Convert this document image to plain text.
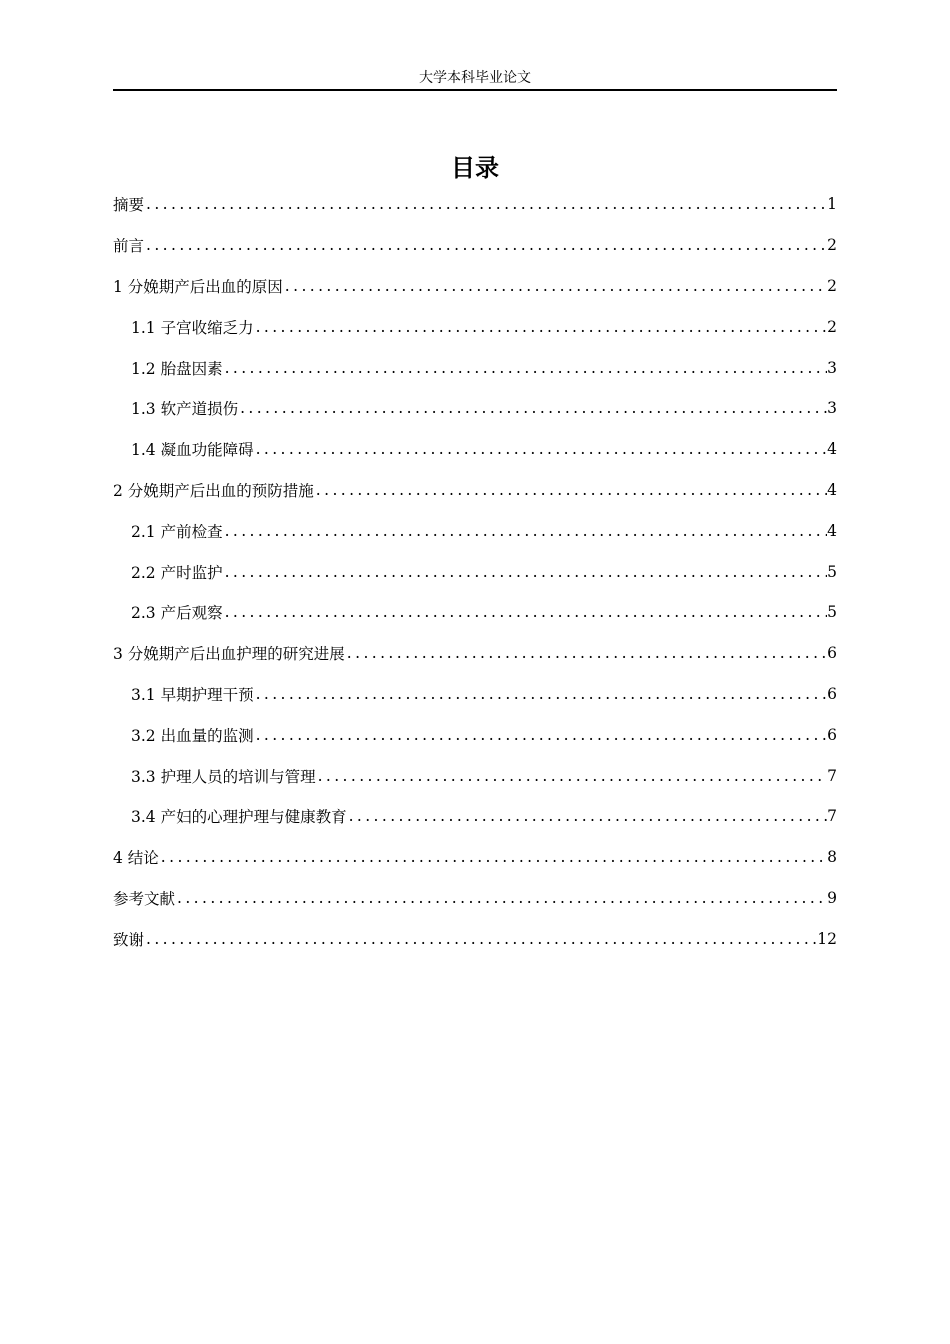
大学本科毕业论文
目录
摘要 .....	1
前言 .....	2
1 分娩期产后出血的原因 .....	2
1.1 子宫收缩乏力 .....	2
1.2 胎盘因素 .....	3
1.3 软产道损伤 .....	3
1.4 凝血功能障碍 .....	4
2 分娩期产后出血的预防措施 .....	4
2.1 产前检查 .....	4
2.2 产时监护 .....	5
2.3 产后观察 .....	5
3 分娩期产后出血护理的研究进展 .....	6
3.1 早期护理干预 .....	6
3.2 出血量的监测 .....	6
3.3 护理人员的培训与管理 .....	7
3.4 产妇的心理护理与健康教育 .....	7
4 结论 .....	8
参考文献 .....	9
致谢 .....	12
